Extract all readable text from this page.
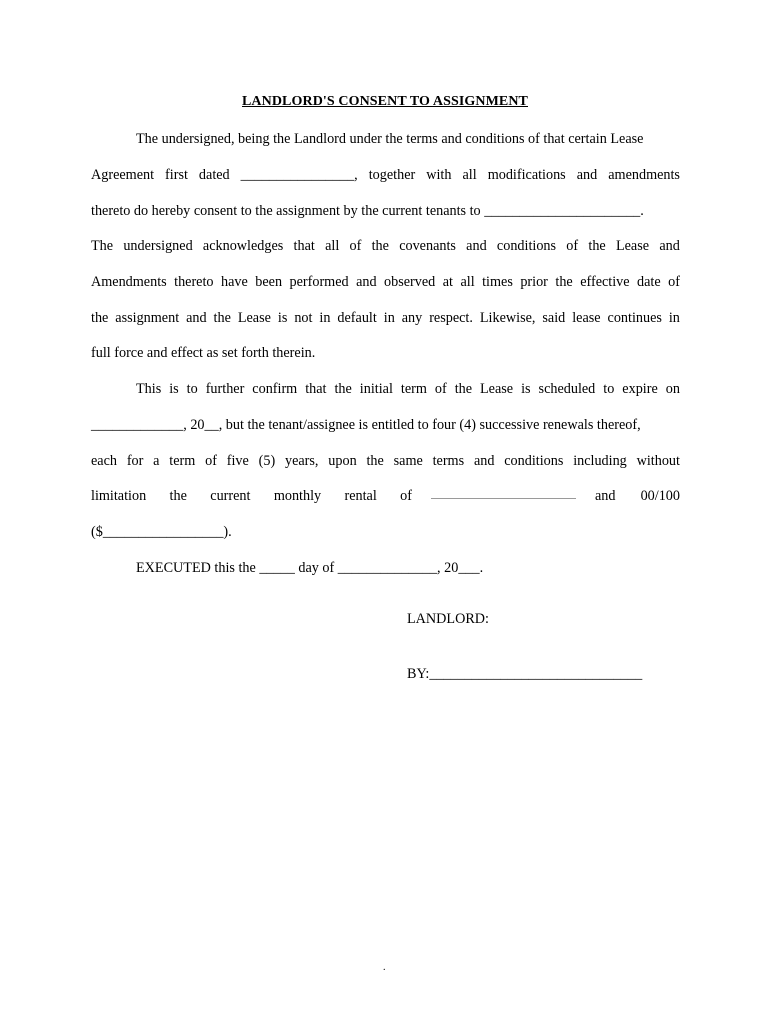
LANDLORD'S CONSENT TO ASSIGNMENT
The undersigned, being the Landlord under the terms and conditions of that certain Lease
Agreement first dated ________________, together with all modifications and amendments
thereto do hereby consent to the assignment by the current tenants to ______________________.
The undersigned acknowledges that all of the covenants and conditions of the Lease and
Amendments thereto have been performed and observed at all times prior the effective date of
the assignment and the Lease is not in default in any respect. Likewise, said lease continues in
full force and effect as set forth therein.
This is to further confirm that the initial term of the Lease is scheduled to expire on
_____________, 20__, but the tenant/assignee is entitled to four (4) successive renewals thereof,
each for a term of five (5) years, upon the same terms and conditions including without
limitation the current monthly rental of	and 00/100
($_________________).
EXECUTED this the _____ day of ______________, 20___.
LANDLORD:
BY:______________________________
.
